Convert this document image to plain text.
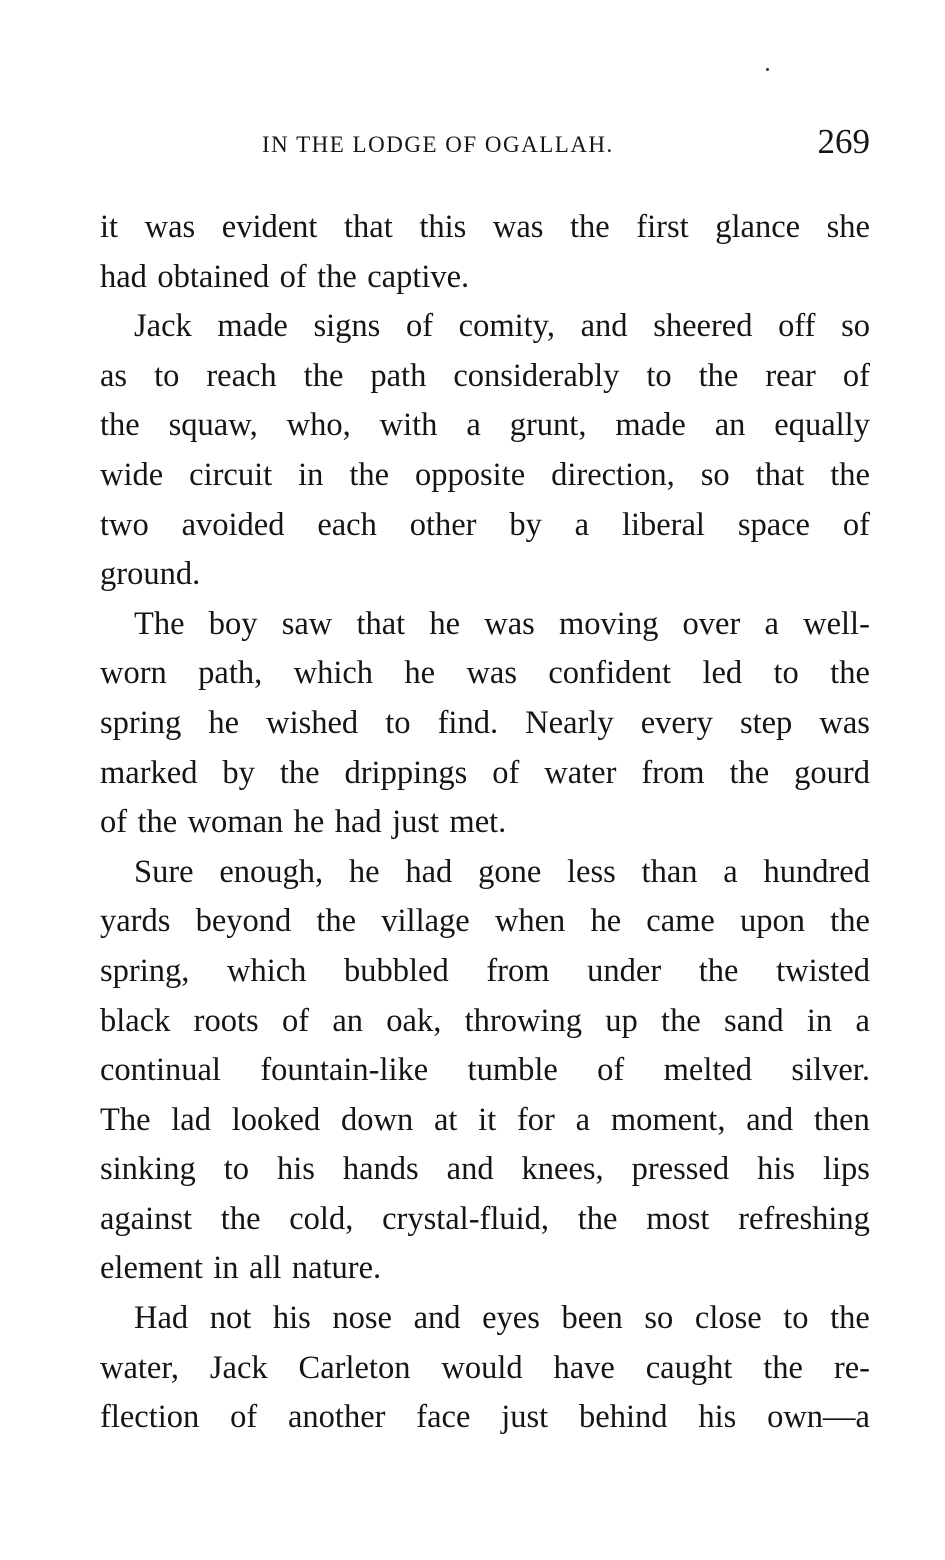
IN THE LODGE OF OGALLAH.	269
it was evident that this was the first glance she
had obtained of the captive.
Jack made signs of comity, and sheered off so
as to reach the path considerably to the rear of
the squaw, who, with a grunt, made an equally
wide circuit in the opposite direction, so that the
two avoided each other by a liberal space of
ground.
The boy saw that he was moving over a well-
worn path, which he was confident led to the
spring he wished to find. Nearly every step was
marked by the drippings of water from the gourd
of the woman he had just met.
Sure enough, he had gone less than a hundred
yards beyond the village when he came upon the
spring, which bubbled from under the twisted
black roots of an oak, throwing up the sand in a
continual fountain-like tumble of melted silver.
The lad looked down at it for a moment, and then
sinking to his hands and knees, pressed his lips
against the cold, crystal-fluid, the most refreshing
element in all nature.
Had not his nose and eyes been so close to the
water, Jack Carleton would have caught the re-
flection of another face just behind his own—a
